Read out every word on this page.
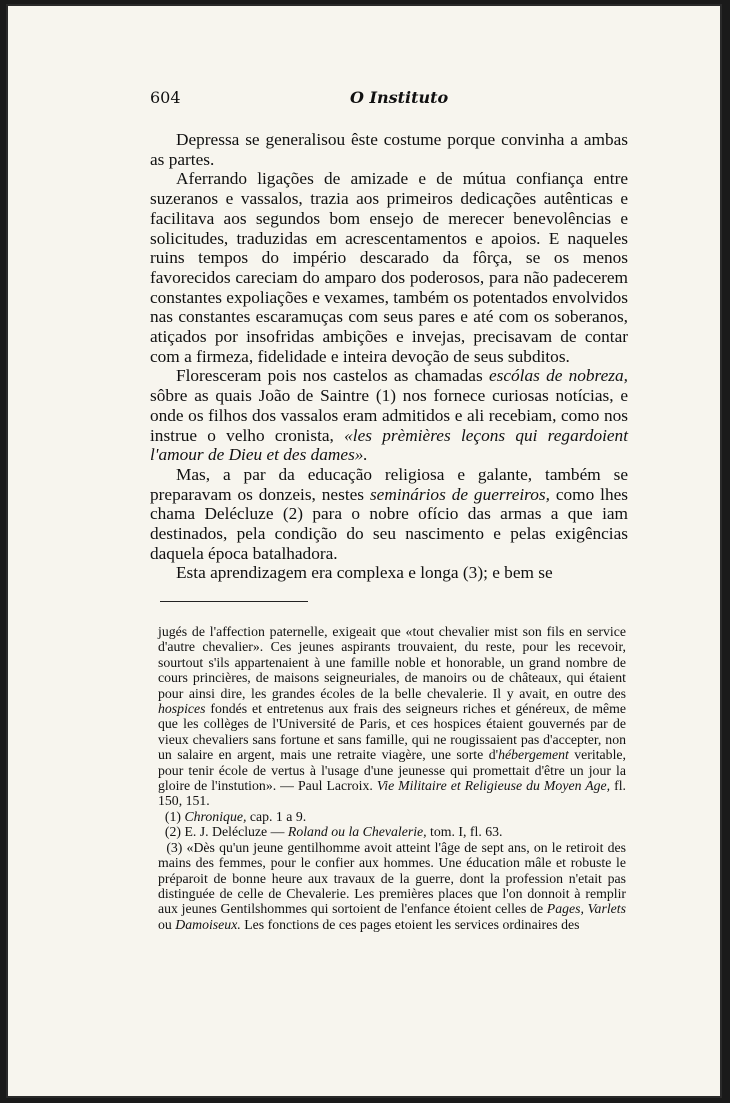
604	O Instituto

Depressa se generalisou êste costume porque convinha a ambas as partes.

Aferrando ligações de amizade e de mútua confiança entre suzeranos e vassalos, trazia aos primeiros dedicações autênticas e facilitava aos segundos bom ensejo de merecer benevolências e solicitudes, traduzidas em acrescentamentos e apoios. E naqueles ruins tempos do império descarado da fôrça, se os menos favorecidos careciam do amparo dos poderosos, para não padecerem constantes expoliações e vexames, também os potentados envolvidos nas constantes escaramuças com seus pares e até com os soberanos, atiçados por insofridas ambições e invejas, precisavam de contar com a firmeza, fidelidade e inteira devoção de seus subditos.

Floresceram pois nos castelos as chamadas escólas de nobreza, sôbre as quais João de Saintre (1) nos fornece curiosas notícias, e onde os filhos dos vassalos eram admitidos e ali recebiam, como nos instrue o velho cronista, «les prèmières leçons qui regardoient l'amour de Dieu et des dames».

Mas, a par da educação religiosa e galante, também se preparavam os donzeis, nestes seminários de guerreiros, como lhes chama Delécluze (2) para o nobre ofício das armas a que iam destinados, pela condição do seu nascimento e pelas exigências daquela época batalhadora.

Esta aprendizagem era complexa e longa (3); e bem se

jugés de l'affection paternelle, exigeait que «tout chevalier mist son fils en service d'autre chevalier». Ces jeunes aspirants trouvaient, du reste, pour les recevoir, sourtout s'ils appartenaient à une famille noble et honorable, un grand nombre de cours princières, de maisons seigneuriales, de manoirs ou de châteaux, qui étaient pour ainsi dire, les grandes écoles de la belle chevalerie. Il y avait, en outre des hospices fondés et entretenus aux frais des seigneurs riches et généreux, de même que les collèges de l'Université de Paris, et ces hospices étaient gouvernés par de vieux chevaliers sans fortune et sans famille, qui ne rougissaient pas d'accepter, non un salaire en argent, mais une retraite viagère, une sorte d'hébergement veritable, pour tenir école de vertus à l'usage d'une jeunesse qui promettait d'être un jour la gloire de l'instution». — Paul Lacroix. Vie Militaire et Religieuse du Moyen Age, fl. 150, 151.

(1) Chronique, cap. 1 a 9.

(2) E. J. Delécluze — Roland ou la Chevalerie, tom. I, fl. 63.

(3) «Dès qu'un jeune gentilhomme avoit atteint l'âge de sept ans, on le retiroit des mains des femmes, pour le confier aux hommes. Une éducation mâle et robuste le préparoit de bonne heure aux travaux de la guerre, dont la profession n'etait pas distinguée de celle de Chevalerie. Les premières places que l'on donnoit à remplir aux jeunes Gentilshommes qui sortoient de l'enfance étoient celles de Pages, Varlets ou Damoiseux. Les fonctions de ces pages etoient les services ordinaires des
